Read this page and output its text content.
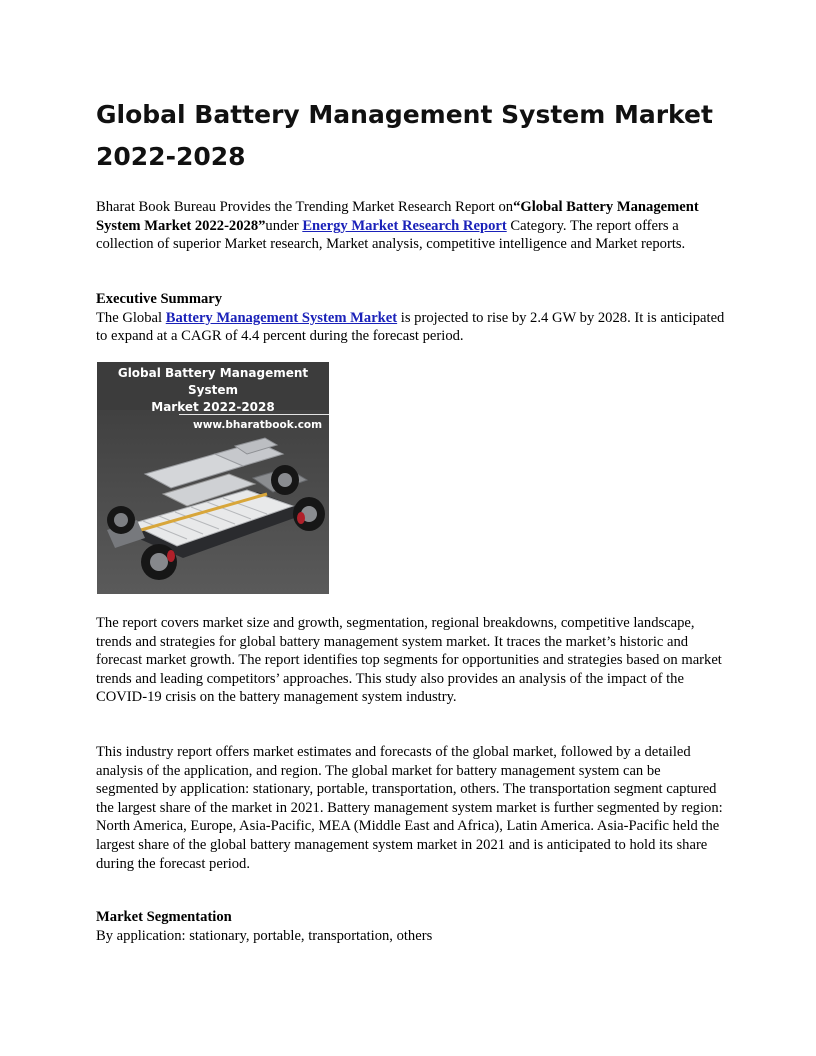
Global Battery Management System Market 2022-2028

Bharat Book Bureau Provides the Trending Market Research Report on“Global Battery Management System Market 2022-2028”under Energy Market Research Report Category. The report offers a collection of superior Market research, Market analysis, competitive intelligence and Market reports.

Executive Summary
The Global Battery Management System Market is projected to rise by 2.4 GW by 2028. It is anticipated to expand at a CAGR of 4.4 percent during the forecast period.

Global Battery Management System
Market 2022-2028
www.bharatbook.com

The report covers market size and growth, segmentation, regional breakdowns, competitive landscape, trends and strategies for global battery management system market. It traces the market’s historic and forecast market growth. The report identifies top segments for opportunities and strategies based on market trends and leading competitors’ approaches. This study also provides an analysis of the impact of the COVID-19 crisis on the battery management system industry.

This industry report offers market estimates and forecasts of the global market, followed by a detailed analysis of the application, and region. The global market for battery management system can be segmented by application: stationary, portable, transportation, others. The transportation segment captured the largest share of the market in 2021. Battery management system market is further segmented by region: North America, Europe, Asia-Pacific, MEA (Middle East and Africa), Latin America. Asia-Pacific held the largest share of the global battery management system market in 2021 and is anticipated to hold its share during the forecast period.

Market Segmentation
By application: stationary, portable, transportation, others
